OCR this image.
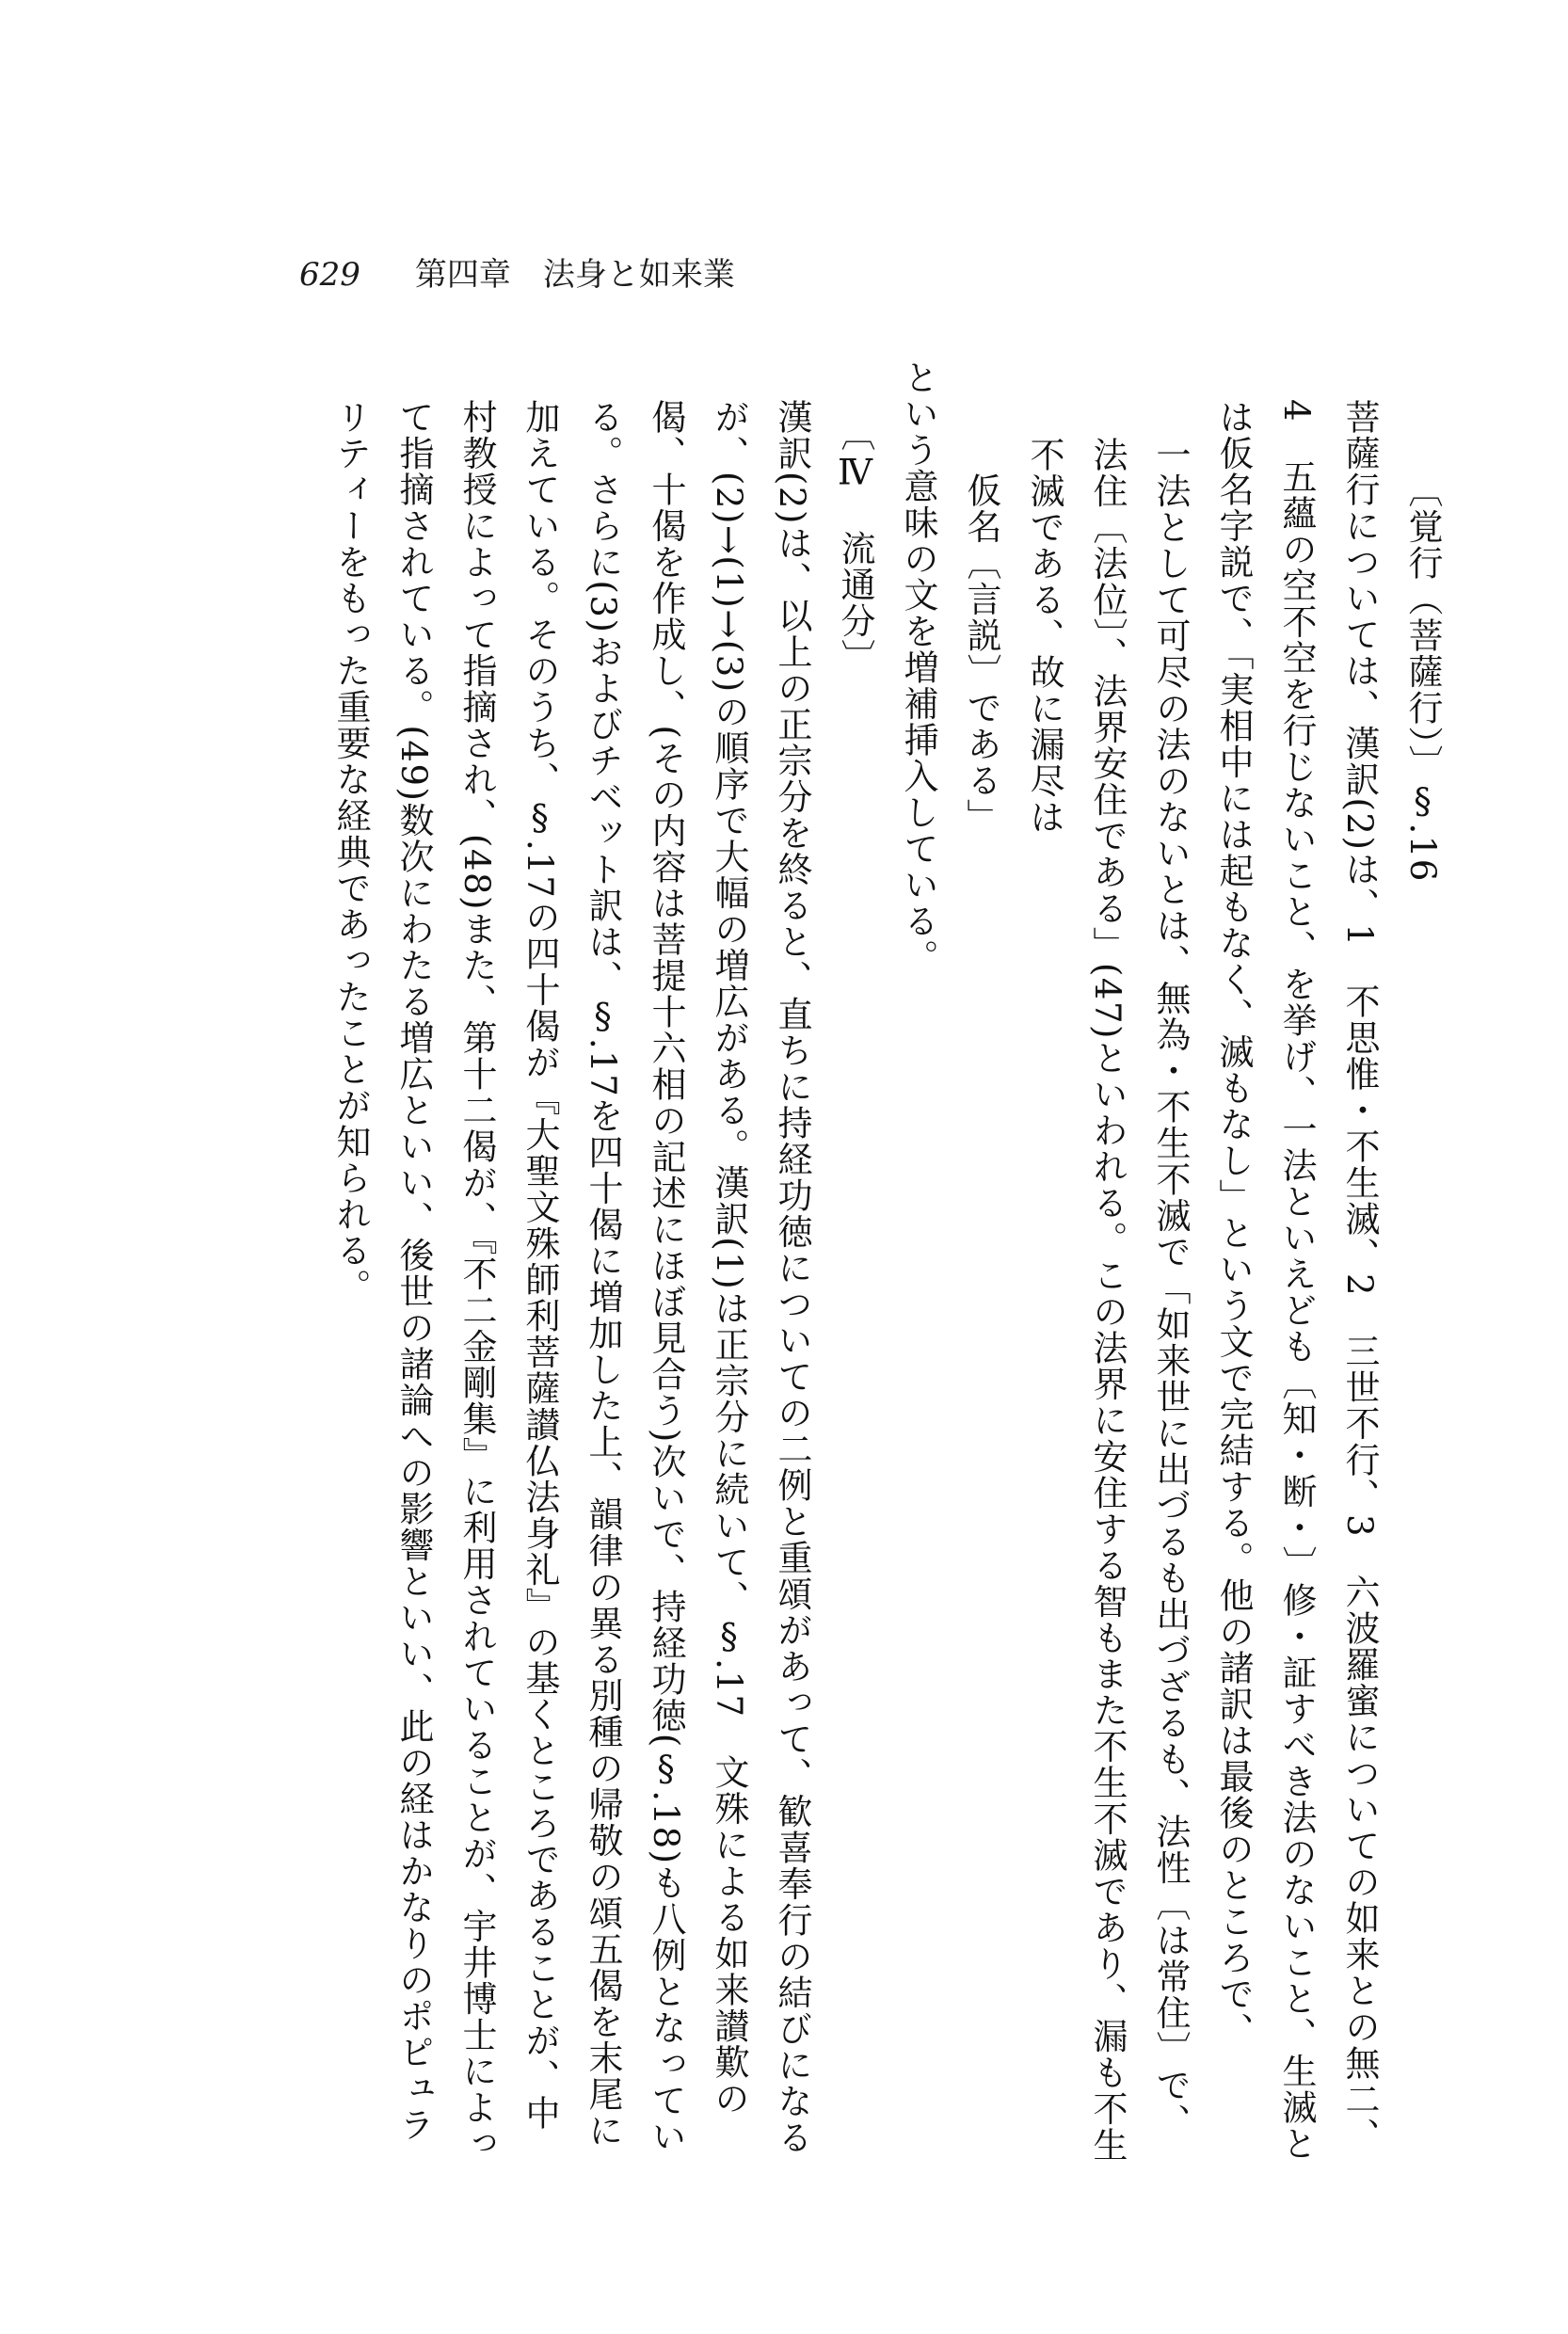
629 第四章　法身と如来業

〔覚行（菩薩行）〕§.16

菩薩行については、漢訳(2)は、1　不思惟・不生滅、2　三世不行、3　六波羅蜜についての如来との無二、4　五蘊の空不空を行じないこと、を挙げ、一法といえども〔知・断・〕修・証すべき法のないこと、生滅とは仮名字説で、「実相中には起もなく、滅もなし」という文で完結する。他の諸訳は最後のところで、

一法として可尽の法のないとは、無為・不生不滅で「如来世に出づるも出づざるも、法性〔は常住〕で、法住〔法位〕、法界安住である」(47)といわれる。この法界に安住する智もまた不生不滅であり、漏も不生不滅である、故に漏尽は

仮名〔言説〕である」

という意味の文を増補挿入している。

〔Ⅳ　流通分〕

漢訳(2)は、以上の正宗分を終ると、直ちに持経功徳についての二例と重頌があって、歓喜奉行の結びになるが、(2)→(1)→(3)の順序で大幅の増広がある。漢訳(1)は正宗分に続いて、§.17　文殊による如来讃歎の偈、十偈を作成し、(その内容は菩提十六相の記述にほぼ見合う)次いで、持経功徳(§.18)も八例となっている。さらに(3)およびチベット訳は、§.17を四十偈に増加した上、韻律の異る別種の帰敬の頌五偈を末尾に加えている。そのうち、§.17の四十偈が『大聖文殊師利菩薩讃仏法身礼』の基くところであることが、中村教授によって指摘され、(48)また、第十二偈が、『不二金剛集』に利用されていることが、宇井博士によって指摘されている。(49)数次にわたる増広といい、後世の諸論への影響といい、此の経はかなりのポピュラリティーをもった重要な経典であったことが知られる。
